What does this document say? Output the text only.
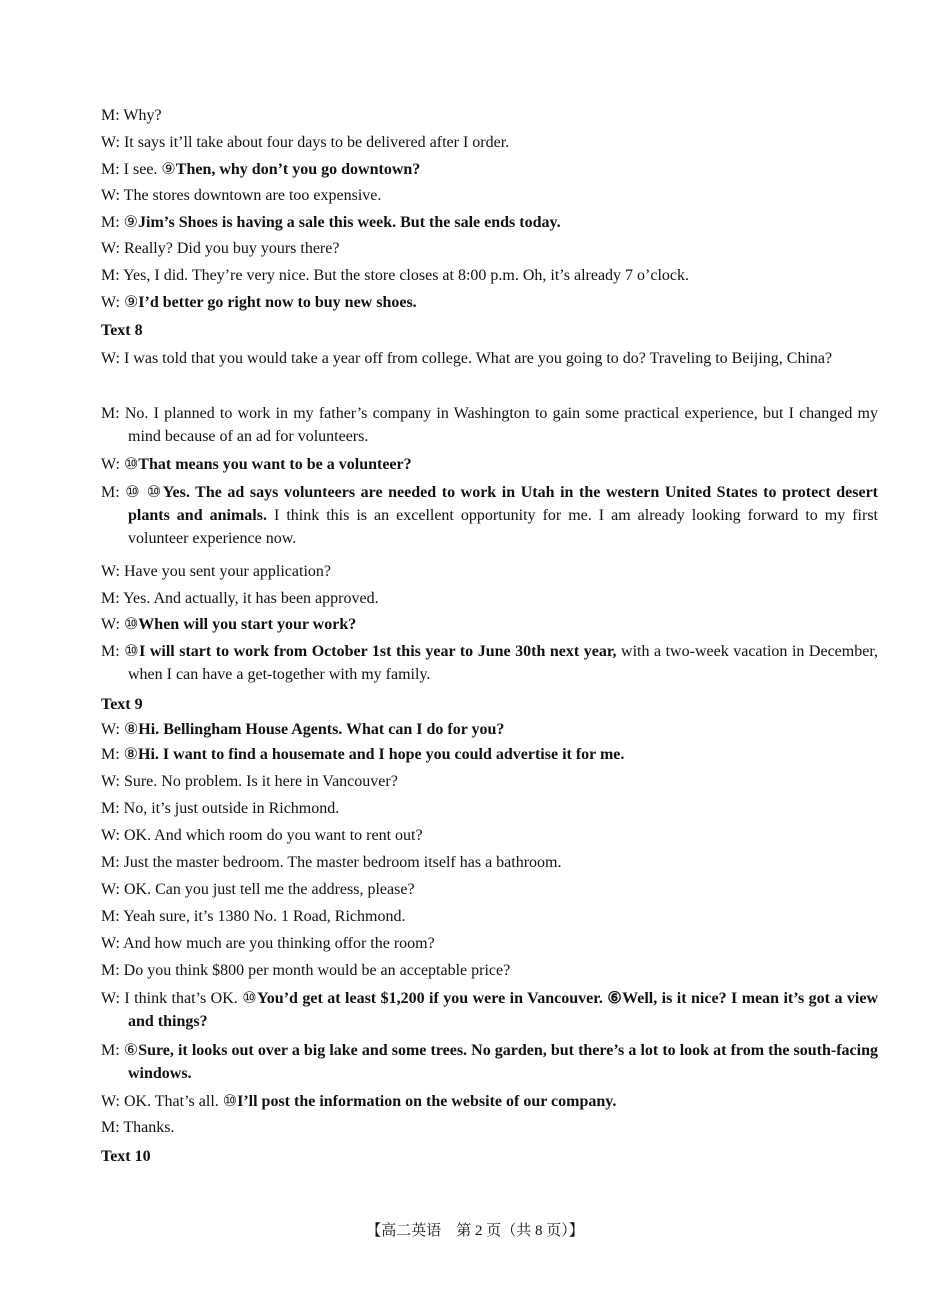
M: Why?
W: It says it’ll take about four days to be delivered after I order.
M: I see. ⑨Then, why don’t you go downtown?
W: The stores downtown are too expensive.
M: ⑨Jim’s Shoes is having a sale this week. But the sale ends today.
W: Really? Did you buy yours there?
M: Yes, I did. They’re very nice. But the store closes at 8:00 p.m. Oh, it’s already 7 o’clock.
W: ⑨I’d better go right now to buy new shoes.
Text 8
W: I was told that you would take a year off from college. What are you going to do? Traveling to Beijing, China?
M: No. I planned to work in my father’s company in Washington to gain some practical experience, but I changed my mind because of an ad for volunteers.
W: ⑩That means you want to be a volunteer?
M: ⑩ ⑩Yes. The ad says volunteers are needed to work in Utah in the western United States to protect desert plants and animals. I think this is an excellent opportunity for me. I am already looking forward to my first volunteer experience now.
W: Have you sent your application?
M: Yes. And actually, it has been approved.
W: ⑩When will you start your work?
M: ⑩I will start to work from October 1st this year to June 30th next year, with a two-week vacation in December, when I can have a get-together with my family.
Text 9
W: ⑧Hi. Bellingham House Agents. What can I do for you?
M: ⑧Hi. I want to find a housemate and I hope you could advertise it for me.
W: Sure. No problem. Is it here in Vancouver?
M: No, it’s just outside in Richmond.
W: OK. And which room do you want to rent out?
M: Just the master bedroom. The master bedroom itself has a bathroom.
W: OK. Can you just tell me the address, please?
M: Yeah sure, it’s 1380 No. 1 Road, Richmond.
W: And how much are you thinking offor the room?
M: Do you think $800 per month would be an acceptable price?
W: I think that’s OK. ⑩You’d get at least $1,200 if you were in Vancouver. ⑥Well, is it nice? I mean it’s got a view and things?
M: ⑥Sure, it looks out over a big lake and some trees. No garden, but there’s a lot to look at from the south-facing windows.
W: OK. That’s all. ⑩I’ll post the information on the website of our company.
M: Thanks.
Text 10
【高二英语　第 2 页（共 8 页）】
